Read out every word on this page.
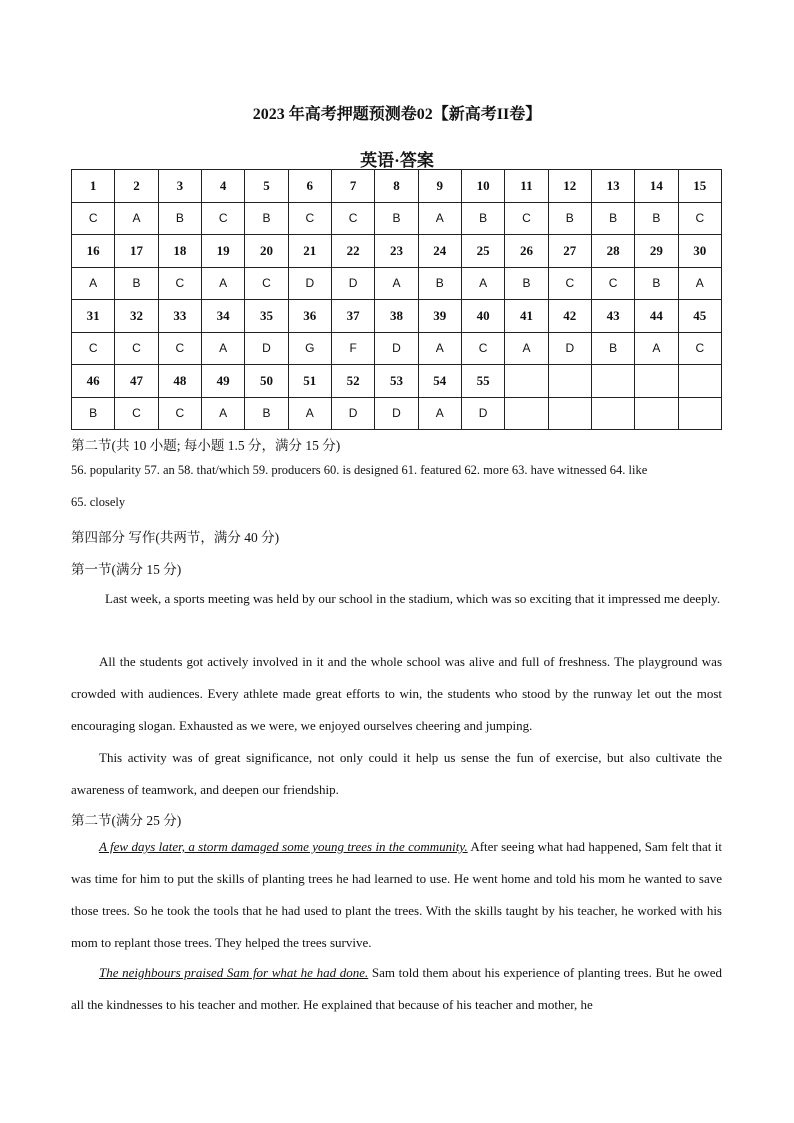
2023 年高考押题预测卷02【新高考II卷】
英语·答案
1	2	3	4	5	6	7	8	9	10	11	12	13	14	15
C	A	B	C	B	C	C	B	A	B	C	B	B	B	C
16	17	18	19	20	21	22	23	24	25	26	27	28	29	30
A	B	C	A	C	D	D	A	B	A	B	C	C	B	A
31	32	33	34	35	36	37	38	39	40	41	42	43	44	45
C	C	C	A	D	G	F	D	A	C	A	D	B	A	C
46	47	48	49	50	51	52	53	54	55					
B	C	C	A	B	A	D	D	A	D					
第二节(共 10 小题; 每小题 1.5 分，满分 15 分)
56. popularity 57. an 58. that/which 59. producers 60. is designed 61. featured 62. more 63. have witnessed 64. like
65. closely
第四部分 写作(共两节，满分 40 分)
第一节(满分 15 分)
Last week, a sports meeting was held by our school in the stadium, which was so exciting that it impressed me deeply.
All the students got actively involved in it and the whole school was alive and full of freshness. The playground was crowded with audiences. Every athlete made great efforts to win, the students who stood by the runway let out the most encouraging slogan. Exhausted as we were, we enjoyed ourselves cheering and jumping.
This activity was of great significance, not only could it help us sense the fun of exercise, but also cultivate the awareness of teamwork, and deepen our friendship.
第二节(满分 25 分)
A few days later, a storm damaged some young trees in the community. After seeing what had happened, Sam felt that it was time for him to put the skills of planting trees he had learned to use. He went home and told his mom he wanted to save those trees. So he took the tools that he had used to plant the trees. With the skills taught by his teacher, he worked with his mom to replant those trees. They helped the trees survive.
The neighbours praised Sam for what he had done. Sam told them about his experience of planting trees. But he owed all the kindnesses to his teacher and mother. He explained that because of his teacher and mother, he
